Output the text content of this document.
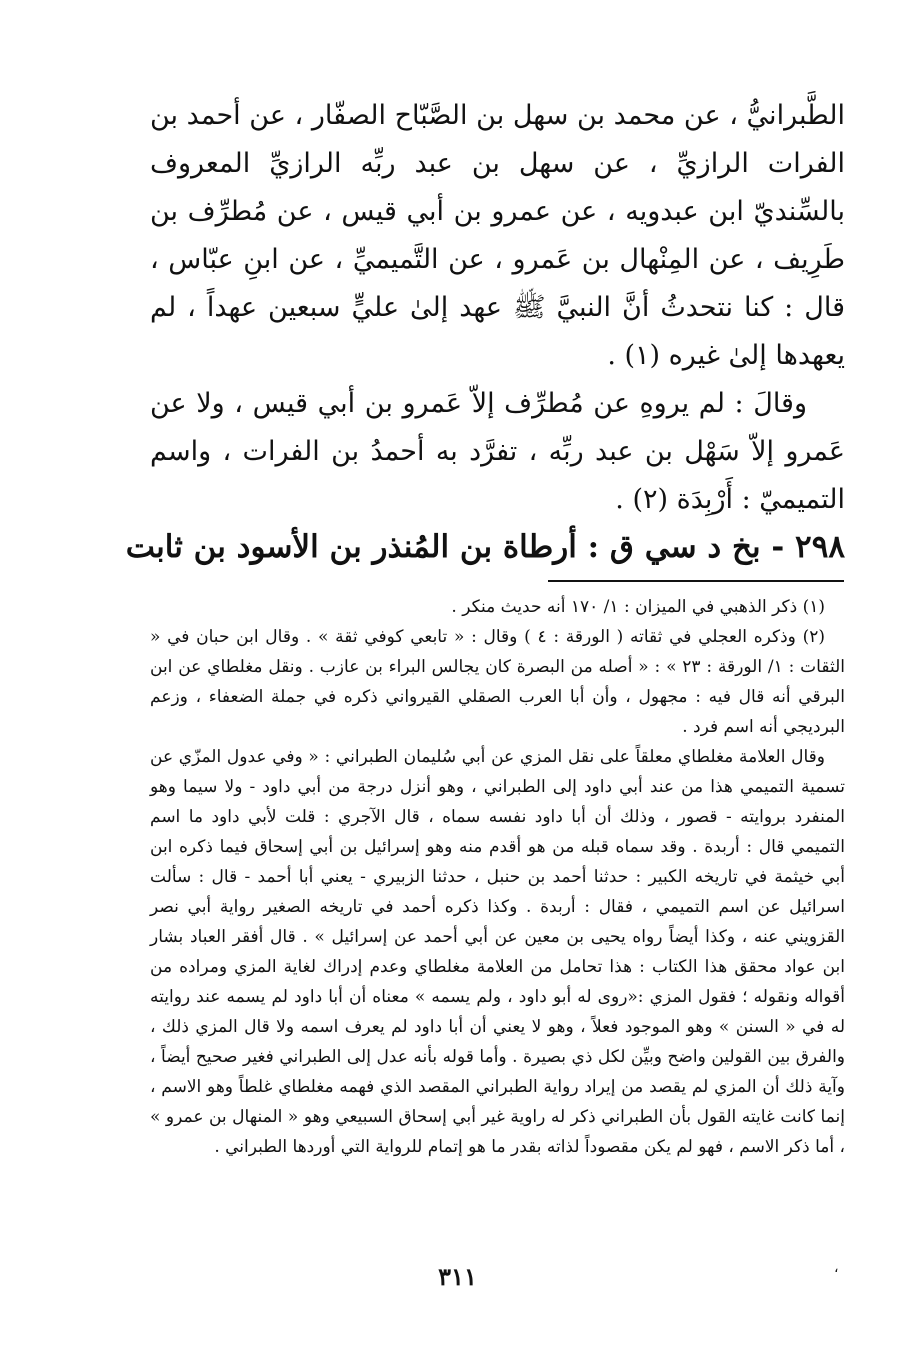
الطَّبرانيُّ ، عن محمد بن سهل بن الصَّبّاح الصفّار ، عن أحمد بن الفرات الرازيِّ ، عن سهل بن عبد ربِّه الرازيِّ المعروف بالسِّنديّ ابن عبدويه ، عن عمرو بن أبي قيس ، عن مُطرِّف بن طَرِيف ، عن المِنْهال بن عَمرو ، عن التَّميميِّ ، عن ابنِ عبّاس ، قال : كنا نتحدثُ أنَّ النبيَّ ﷺ عهد إلىٰ عليٍّ سبعين عهداً ، لم يعهدها إلىٰ غيره (١) .

وقالَ : لم يروهِ عن مُطرِّف إلاّ عَمرو بن أبي قيس ، ولا عن عَمرو إلاّ سَهْل بن عبد ربِّه ، تفرَّد به أحمدُ بن الفرات ، واسم التميميّ : أَرْبِدَة (٢) .

٢٩٨ - بخ د سي ق : أرطاة بن المُنذر بن الأسود بن ثابت

(١) ذكر الذهبي في الميزان : ١/ ١٧٠ أنه حديث منكر .

(٢) وذكره العجلي في ثقاته ( الورقة : ٤ ) وقال : « تابعي كوفي ثقة » . وقال ابن حبان في « الثقات : ١/ الورقة : ٢٣ » : « أصله من البصرة كان يجالس البراء بن عازب . ونقل مغلطاي عن ابن البرقي أنه قال فيه : مجهول ، وأن أبا العرب الصقلي القيرواني ذكره في جملة الضعفاء ، وزعم البرديجي أنه اسم فرد .

وقال العلامة مغلطاي معلقاً على نقل المزي عن أبي سُليمان الطبراني : « وفي عدول المزّي عن تسمية التميمي هذا من عند أبي داود إلى الطبراني ، وهو أنزل درجة من أبي داود - ولا سيما وهو المنفرد بروايته - قصور ، وذلك أن أبا داود نفسه سماه ، قال الآجري : قلت لأبي داود ما اسم التميمي قال : أربدة . وقد سماه قبله من هو أقدم منه وهو إسرائيل بن أبي إسحاق فيما ذكره ابن أبي خيثمة في تاريخه الكبير : حدثنا أحمد بن حنبل ، حدثنا الزبيري - يعني أبا أحمد - قال : سألت اسرائيل عن اسم التميمي ، فقال : أربدة . وكذا ذكره أحمد في تاريخه الصغير رواية أبي نصر القزويني عنه ، وكذا أيضاً رواه يحيى بن معين عن أبي أحمد عن إسرائيل » . قال أفقر العباد بشار ابن عواد محقق هذا الكتاب : هذا تحامل من العلامة مغلطاي وعدم إدراك لغاية المزي ومراده من أقواله ونقوله ؛ فقول المزي :«روى له أبو داود ، ولم يسمه » معناه أن أبا داود لم يسمه عند روايته له في « السنن » وهو الموجود فعلاً ، وهو لا يعني أن أبا داود لم يعرف اسمه ولا قال المزي ذلك ، والفرق بين القولين واضح وبيِّن لكل ذي بصيرة . وأما قوله بأنه عدل إلى الطبراني فغير صحيح أيضاً ، وآية ذلك أن المزي لم يقصد من إيراد رواية الطبراني المقصد الذي فهمه مغلطاي غلطاً وهو الاسم ، إنما كانت غايته القول بأن الطبراني ذكر له راوية غير أبي إسحاق السبيعي وهو « المنهال بن عمرو » ، أما ذكر الاسم ، فهو لم يكن مقصوداً لذاته بقدر ما هو إتمام للرواية التي أوردها الطبراني .

٣١١	،
